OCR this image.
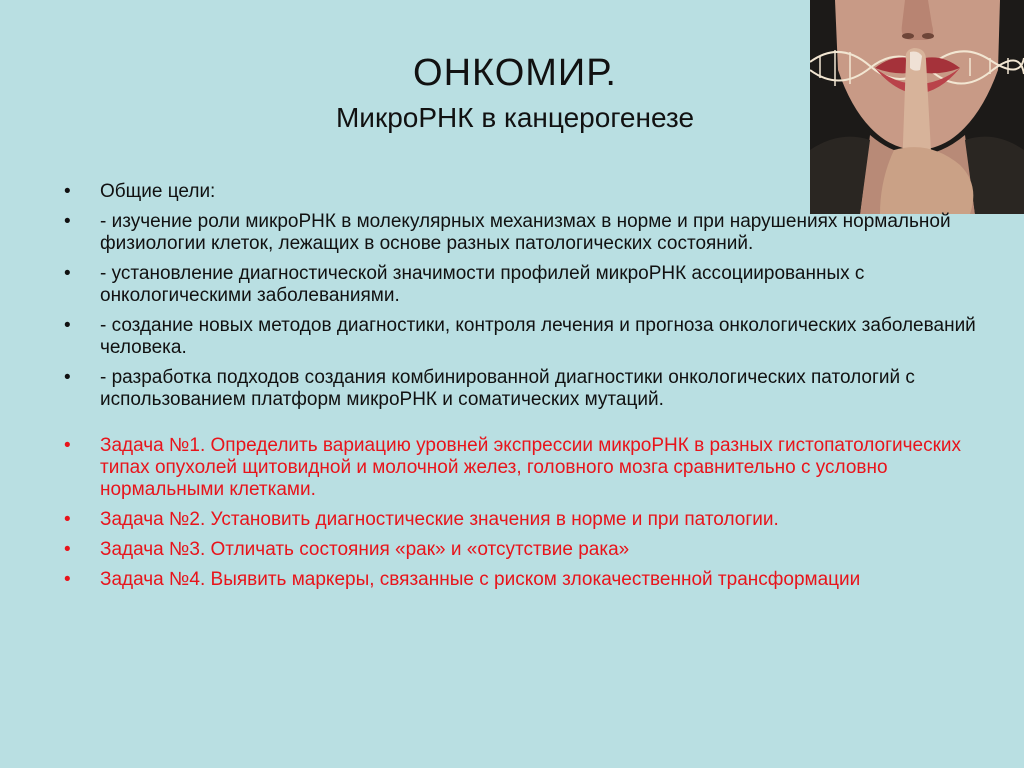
ОНКОМИР.
МикроРНК в канцерогенезе
• Общие цели:
• - изучение роли микроРНК в молекулярных механизмах в норме и при нарушениях нормальной физиологии клеток, лежащих в основе разных патологических состояний.
• - установление диагностической значимости профилей микроРНК ассоциированных с онкологическими заболеваниями.
• - создание новых методов диагностики, контроля лечения и прогноза онкологических заболеваний человека.
• - разработка подходов создания комбинированной диагностики онкологических патологий с использованием платформ микроРНК и соматических мутаций.
• Задача №1. Определить вариацию уровней экспрессии микроРНК в разных гистопатологических типах опухолей щитовидной и молочной желез, головного мозга сравнительно с условно нормальными клетками.
• Задача №2. Установить диагностические значения в норме и при патологии.
• Задача №3. Отличать состояния «рак» и «отсутствие рака»
• Задача №4. Выявить маркеры, связанные с риском злокачественной трансформации
